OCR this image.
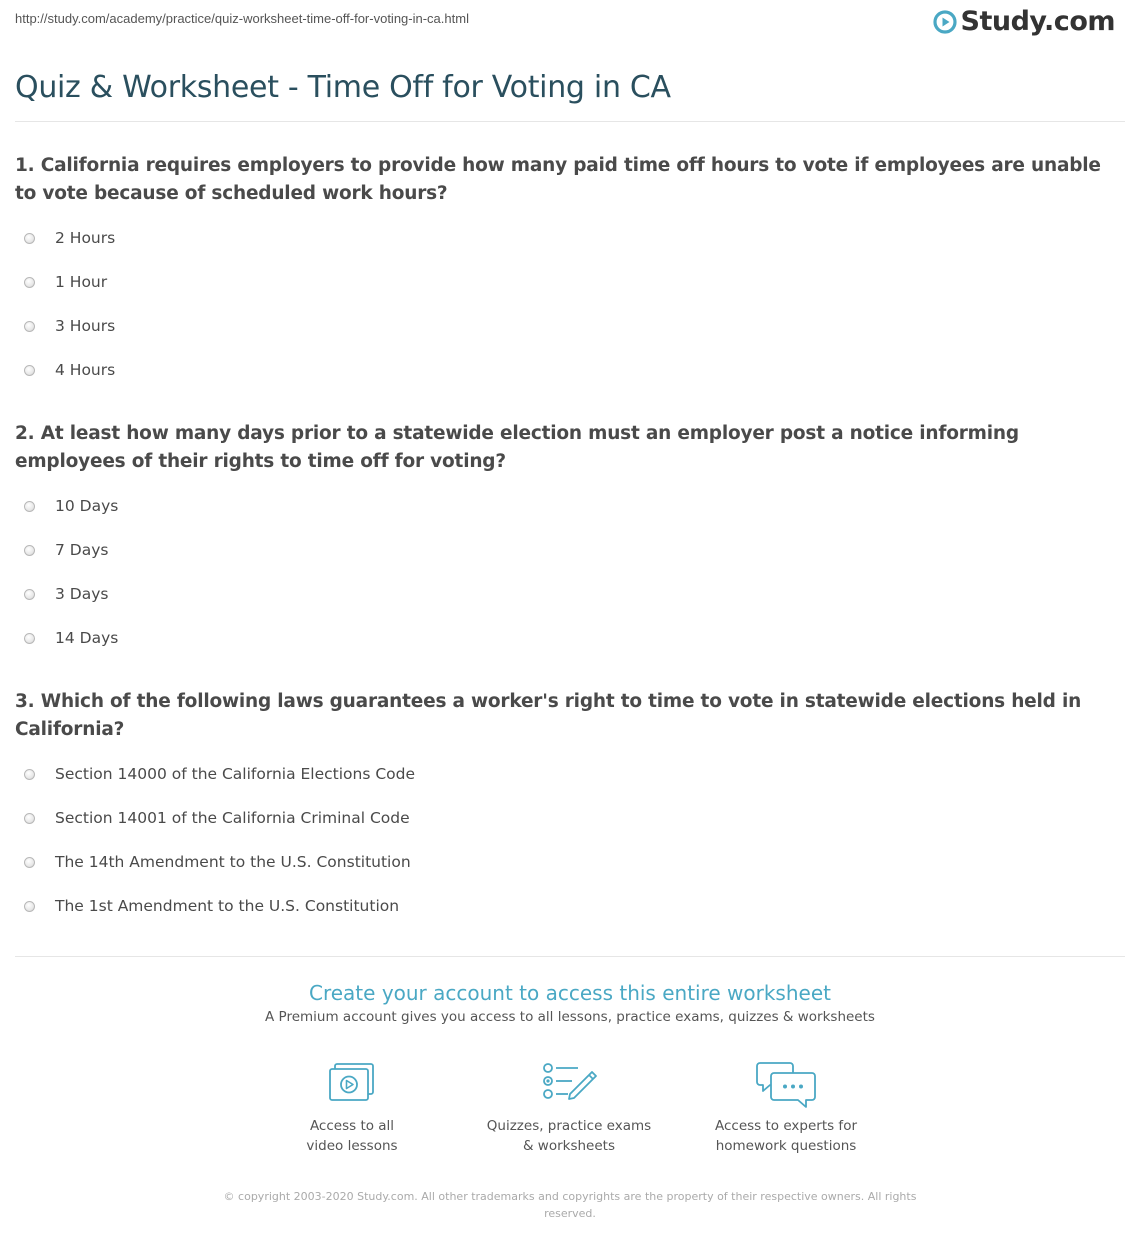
http://study.com/academy/practice/quiz-worksheet-time-off-for-voting-in-ca.html	Study.com
Quiz & Worksheet - Time Off for Voting in CA

1. California requires employers to provide how many paid time off hours to vote if employees are unable to vote because of scheduled work hours?

2 Hours
1 Hour
3 Hours
4 Hours

2. At least how many days prior to a statewide election must an employer post a notice informing employees of their rights to time off for voting?

10 Days
7 Days
3 Days
14 Days

3. Which of the following laws guarantees a worker's right to time to vote in statewide elections held in California?

Section 14000 of the California Elections Code
Section 14001 of the California Criminal Code
The 14th Amendment to the U.S. Constitution
The 1st Amendment to the U.S. Constitution

Create your account to access this entire worksheet

A Premium account gives you access to all lessons, practice exams, quizzes & worksheets
Access to all
video lessons
Quizzes, practice exams
& worksheets
Access to experts for
homework questions
© copyright 2003-2020 Study.com. All other trademarks and copyrights are the property of their respective owners. All rights
reserved.
